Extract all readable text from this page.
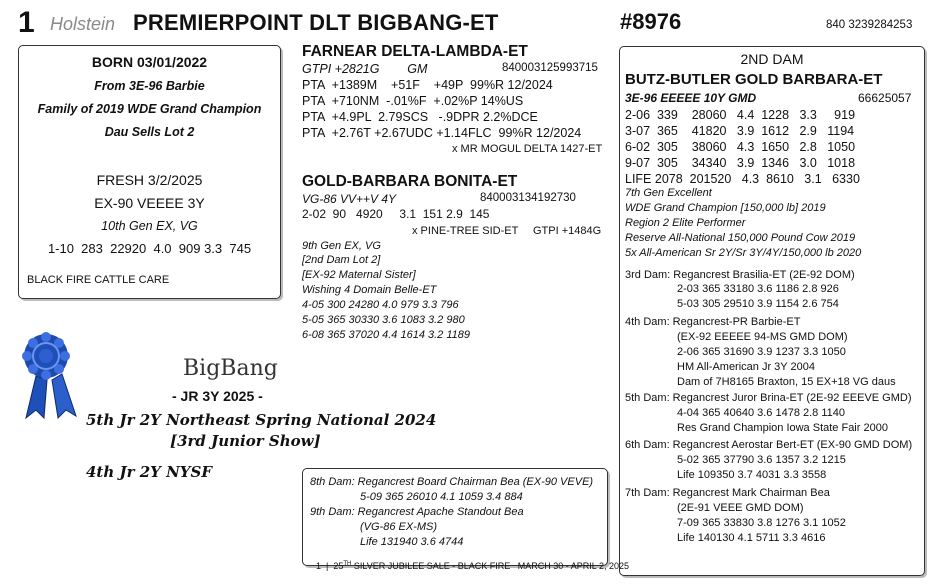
1 Holstein PREMIERPOINT DLT BIGBANG-ET	#8976	840 3239284253
BORN 03/01/2022
From 3E-96 Barbie
Family of 2019 WDE Grand Champion
Dau Sells Lot 2
FRESH 3/2/2025
EX-90 VEEEE 3Y
10th Gen EX, VG
1-10  283  22920  4.0  909 3.3  745
BLACK FIRE CATTLE CARE
FARNEAR DELTA-LAMBDA-ET
GTPI +2821G        GM	840003125993715
PTA  +1389M    +51F    +49P  99%R 12/2024
PTA  +710NM  -.01%F  +.02%P 14%US
PTA  +4.9PL  2.79SCS   -.9DPR 2.2%DCE
PTA  +2.76T +2.67UDC +1.14FLC  99%R 12/2024
x MR MOGUL DELTA 1427-ET
GOLD-BARBARA BONITA-ET
VG-86 VV++V 4Y	840003134192730
2-02  90   4920     3.1  151 2.9  145
x PINE-TREE SID-ET GTPI +1484G
9th Gen EX, VG
[2nd Dam Lot 2]
[EX-92 Maternal Sister]
Wishing 4 Domain Belle-ET
4-05 300 24280 4.0 979 3.3 796
5-05 365 30330 3.6 1083 3.2 980
6-08 365 37020 4.4 1614 3.2 1189
BigBang
- JR 3Y 2025 -
5th Jr 2Y Northeast Spring National 2024
[3rd Junior Show]
4th Jr 2Y NYSF
8th Dam: Regancrest Board Chairman Bea (EX-90 VEVE)
5-09 365 26010 4.1 1059 3.4 884
9th Dam: Regancrest Apache Standout Bea
(VG-86 EX-MS)
Life 131940 3.6 4744
2ND DAM
BUTZ-BUTLER GOLD BARBARA-ET
3E-96 EEEEE 10Y GMD	66625057
2-06  339    28060   4.4  1228   3.3     919
3-07  365    41820   3.9  1612   2.9   1194
6-02  305    38060   4.3  1650   2.8   1050
9-07  305    34340   3.9  1346   3.0   1018
LIFE 2078  201520   4.3  8610   3.1   6330
7th Gen Excellent
WDE Grand Champion [150,000 lb] 2019
Region 2 Elite Performer
Reserve All-National 150,000 Pound Cow 2019
5x All-American Sr 2Y/Sr 3Y/4Y/150,000 lb 2020
3rd Dam: Regancrest Brasilia-ET (2E-92 DOM)
2-03 365 33180 3.6 1186 2.8 926
5-03 305 29510 3.9 1154 2.6 754
4th Dam: Regancrest-PR Barbie-ET
(EX-92 EEEEE 94-MS GMD DOM)
2-06 365 31690 3.9 1237 3.3 1050
HM All-American Jr 3Y 2004
Dam of 7H8165 Braxton, 15 EX+18 VG daus
5th Dam: Regancrest Juror Brina-ET (2E-92 EEEVE GMD)
4-04 365 40640 3.6 1478 2.8 1140
Res Grand Champion Iowa State Fair 2000
6th Dam: Regancrest Aerostar Bert-ET (EX-90 GMD DOM)
5-02 365 37790 3.6 1357 3.2 1215
Life 109350 3.7 4031 3.3 3558
7th Dam: Regancrest Mark Chairman Bea
(2E-91 VEEE GMD DOM)
7-09 365 33830 3.8 1276 3.1 1052
Life 140130 4.1 5711 3.3 4616
1  |  25TH SILVER JUBILEE SALE - BLACK FIRE   MARCH 30 - APRIL 2, 2025
